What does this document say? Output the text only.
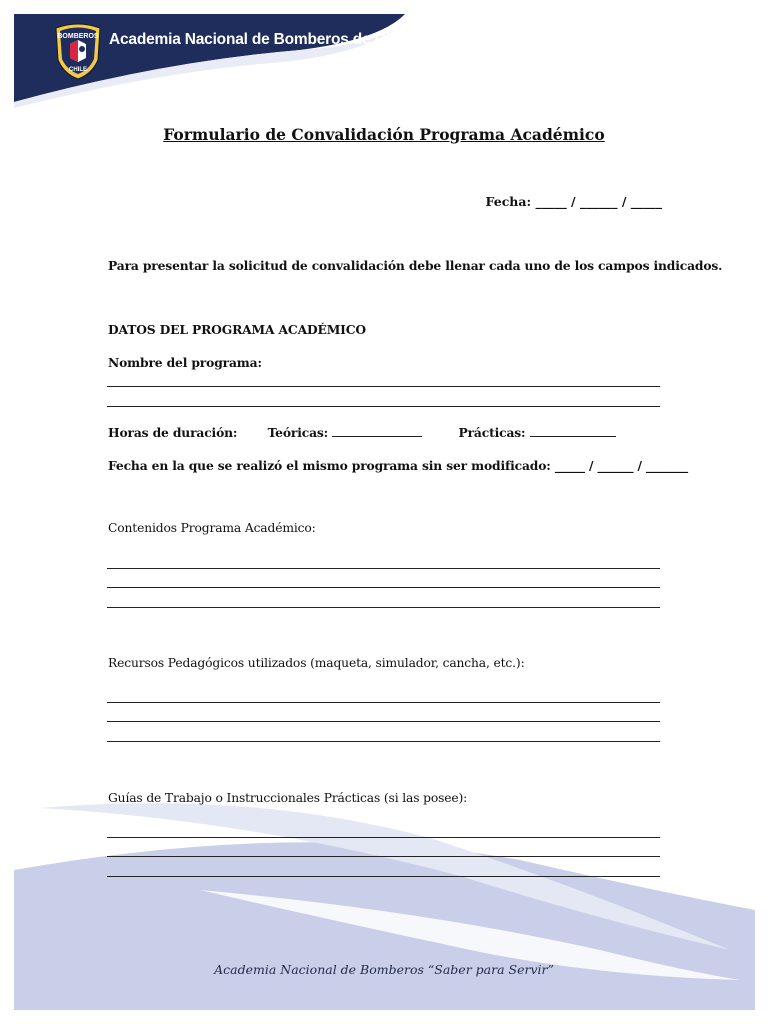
BOMBEROS
CHILE
Academia Nacional de Bomberos de Chile
Formulario de Convalidación Programa Académico
Fecha: _____ / ______ / _____
Para presentar la solicitud de convalidación debe llenar cada uno de los campos indicados.
DATOS DEL PROGRAMA ACADÉMICO
Nombre del programa:
Horas de duración: Teóricas:	Prácticas:
Fecha en la que se realizó el mismo programa sin ser modificado: _____ / ______ / _______
Contenidos Programa Académico:
Recursos Pedagógicos utilizados (maqueta, simulador, cancha, etc.):
Guías de Trabajo o Instruccionales Prácticas (si las posee):
Academia Nacional de Bomberos “Saber para Servir”
